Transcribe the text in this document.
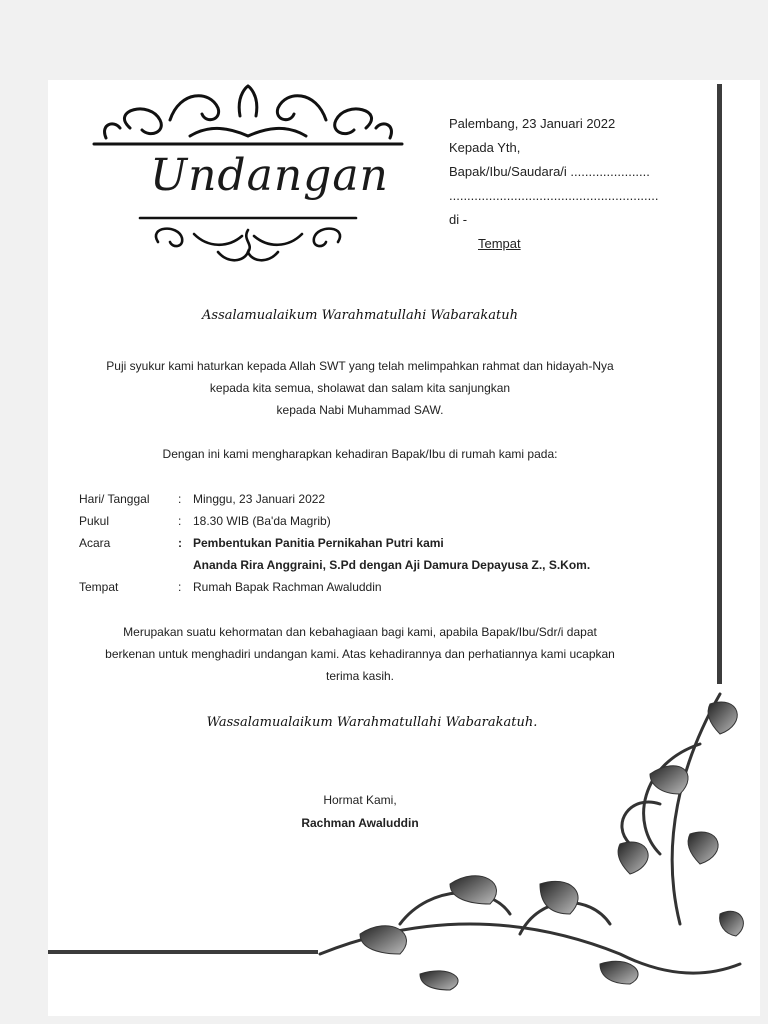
Undangan
Palembang, 23 Januari 2022
Kepada Yth,
Bapak/Ibu/Saudara/i ......................
..........................................................
di -
Tempat
Assalamualaikum Warahmatullahi Wabarakatuh
Puji syukur kami haturkan kepada Allah SWT yang telah melimpahkan rahmat dan hidayah-Nya
kepada kita semua, sholawat dan salam kita sanjungkan
kepada Nabi Muhammad SAW.
Dengan ini kami mengharapkan kehadiran Bapak/Ibu di rumah kami pada:
Hari/ Tanggal : Minggu, 23 Januari 2022
Pukul	: 18.30 WIB (Ba'da Magrib)
Acara	: Pembentukan Panitia Pernikahan Putri kami
Ananda Rira Anggraini, S.Pd dengan Aji Damura Depayusa Z., S.Kom.
Tempat	: Rumah Bapak Rachman Awaluddin
Merupakan suatu kehormatan dan kebahagiaan bagi kami, apabila Bapak/Ibu/Sdr/i dapat
berkenan untuk menghadiri undangan kami. Atas kehadirannya dan perhatiannya kami ucapkan
terima kasih.
Wassalamualaikum Warahmatullahi Wabarakatuh.
Hormat Kami,
Rachman Awaluddin
